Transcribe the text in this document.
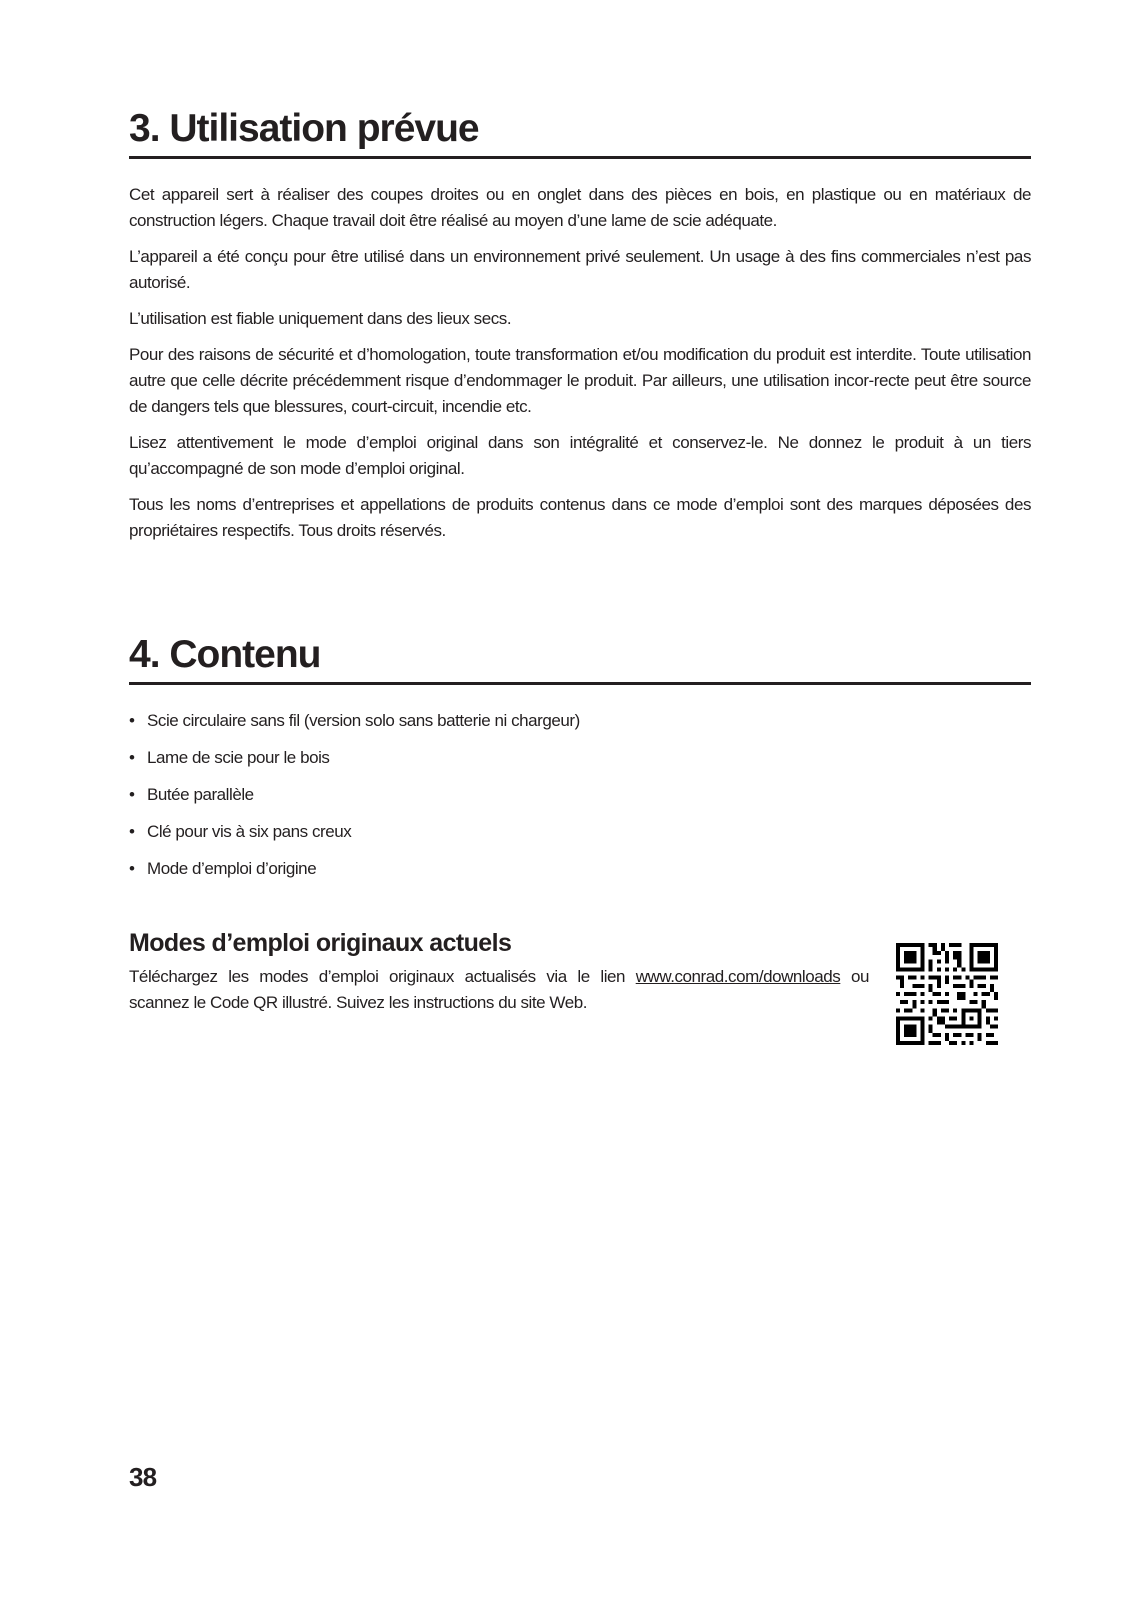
3. Utilisation prévue

Cet appareil sert à réaliser des coupes droites ou en onglet dans des pièces en bois, en plastique ou en matériaux de construction légers. Chaque travail doit être réalisé au moyen d’une lame de scie adéquate.

L’appareil a été conçu pour être utilisé dans un environnement privé seulement. Un usage à des fins commerciales n’est pas autorisé.

L’utilisation est fiable uniquement dans des lieux secs.

Pour des raisons de sécurité et d’homologation, toute transformation et/ou modification du produit est interdite. Toute utilisation autre que celle décrite précédemment risque d’endommager le produit. Par ailleurs, une utilisation incor-recte peut être source de dangers tels que blessures, court-circuit, incendie etc.

Lisez attentivement le mode d’emploi original dans son intégralité et conservez-le. Ne donnez le produit à un tiers qu’accompagné de son mode d’emploi original.

Tous les noms d’entreprises et appellations de produits contenus dans ce mode d’emploi sont des marques déposées des propriétaires respectifs. Tous droits réservés.

4. Contenu
• Scie circulaire sans fil (version solo sans batterie ni chargeur)
• Lame de scie pour le bois
• Butée parallèle
• Clé pour vis à six pans creux
• Mode d’emploi d’origine
Modes d’emploi originaux actuels
Téléchargez les modes d’emploi originaux actualisés via le lien www.conrad.com/downloads ou scannez le Code QR illustré. Suivez les instructions du site Web.
38
